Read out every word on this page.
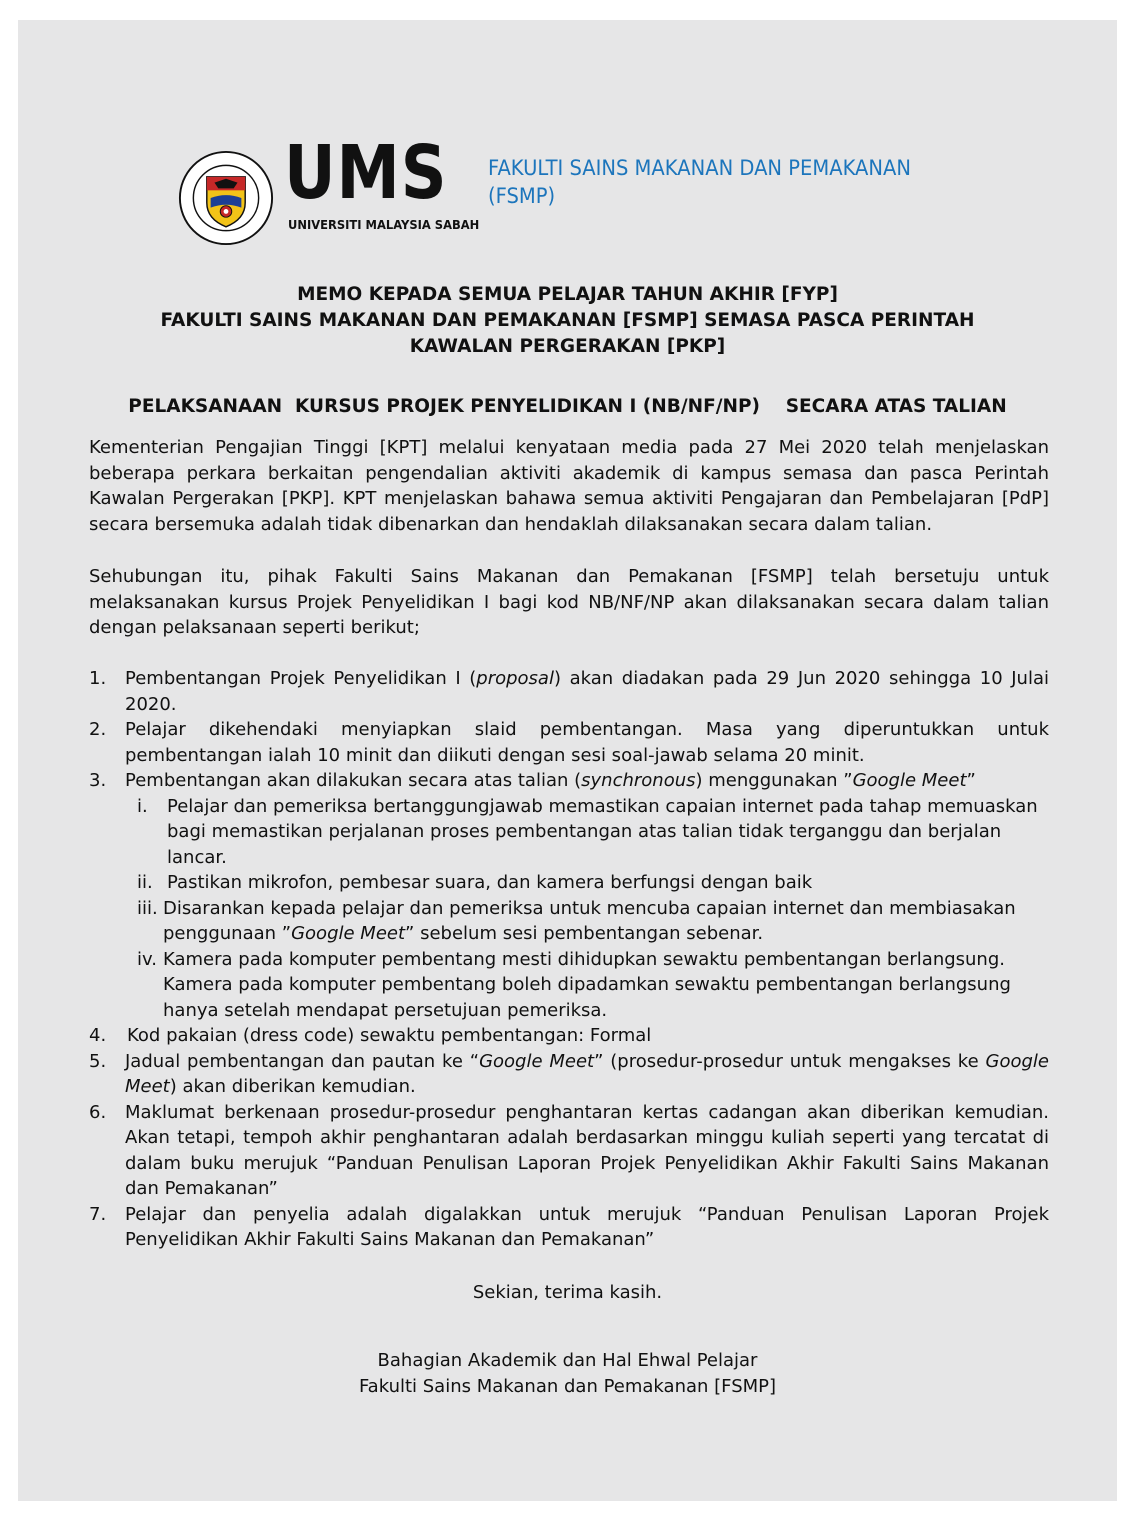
UMS
UNIVERSITI MALAYSIA SABAH
FAKULTI SAINS MAKANAN DAN PEMAKANAN
(FSMP)
MEMO KEPADA SEMUA PELAJAR TAHUN AKHIR [FYP]
FAKULTI SAINS MAKANAN DAN PEMAKANAN [FSMP] SEMASA PASCA PERINTAH
KAWALAN PERGERAKAN [PKP]
PELAKSANAAN  KURSUS PROJEK PENYELIDIKAN I (NB/NF/NP)    SECARA ATAS TALIAN
Kementerian Pengajian Tinggi [KPT] melalui kenyataan media pada 27 Mei 2020 telah menjelaskan beberapa perkara berkaitan pengendalian aktiviti akademik di kampus semasa dan pasca Perintah Kawalan Pergerakan [PKP]. KPT menjelaskan bahawa semua aktiviti Pengajaran dan Pembelajaran [PdP] secara bersemuka adalah tidak dibenarkan dan hendaklah dilaksanakan secara dalam talian.
Sehubungan itu, pihak Fakulti Sains Makanan dan Pemakanan [FSMP] telah bersetuju untuk melaksanakan kursus Projek Penyelidikan I bagi kod NB/NF/NP akan dilaksanakan secara dalam talian dengan pelaksanaan seperti berikut;
1. Pembentangan Projek Penyelidikan I (proposal) akan diadakan pada 29 Jun 2020 sehingga 10 Julai 2020.
2. Pelajar dikehendaki menyiapkan slaid pembentangan. Masa yang diperuntukkan untuk pembentangan ialah 10 minit dan diikuti dengan sesi soal-jawab selama 20 minit.
3. Pembentangan akan dilakukan secara atas talian (synchronous) menggunakan ”Google Meet”
i. Pelajar dan pemeriksa bertanggungjawab memastikan capaian internet pada tahap memuaskan bagi memastikan perjalanan proses pembentangan atas talian tidak terganggu dan berjalan lancar.
ii. Pastikan mikrofon, pembesar suara, dan kamera berfungsi dengan baik
iii. Disarankan kepada pelajar dan pemeriksa untuk mencuba capaian internet dan membiasakan penggunaan ”Google Meet” sebelum sesi pembentangan sebenar.
iv. Kamera pada komputer pembentang mesti dihidupkan sewaktu pembentangan berlangsung. Kamera pada komputer pembentang boleh dipadamkan sewaktu pembentangan berlangsung hanya setelah mendapat persetujuan pemeriksa.
4. Kod pakaian (dress code) sewaktu pembentangan: Formal
5. Jadual pembentangan dan pautan ke “Google Meet” (prosedur-prosedur untuk mengakses ke Google Meet) akan diberikan kemudian.
6. Maklumat berkenaan prosedur-prosedur penghantaran kertas cadangan akan diberikan kemudian. Akan tetapi, tempoh akhir penghantaran adalah berdasarkan minggu kuliah seperti yang tercatat di dalam buku merujuk “Panduan Penulisan Laporan Projek Penyelidikan Akhir Fakulti Sains Makanan dan Pemakanan”
7. Pelajar dan penyelia adalah digalakkan untuk merujuk “Panduan Penulisan Laporan Projek Penyelidikan Akhir Fakulti Sains Makanan dan Pemakanan”
Sekian, terima kasih.
Bahagian Akademik dan Hal Ehwal Pelajar
Fakulti Sains Makanan dan Pemakanan [FSMP]
